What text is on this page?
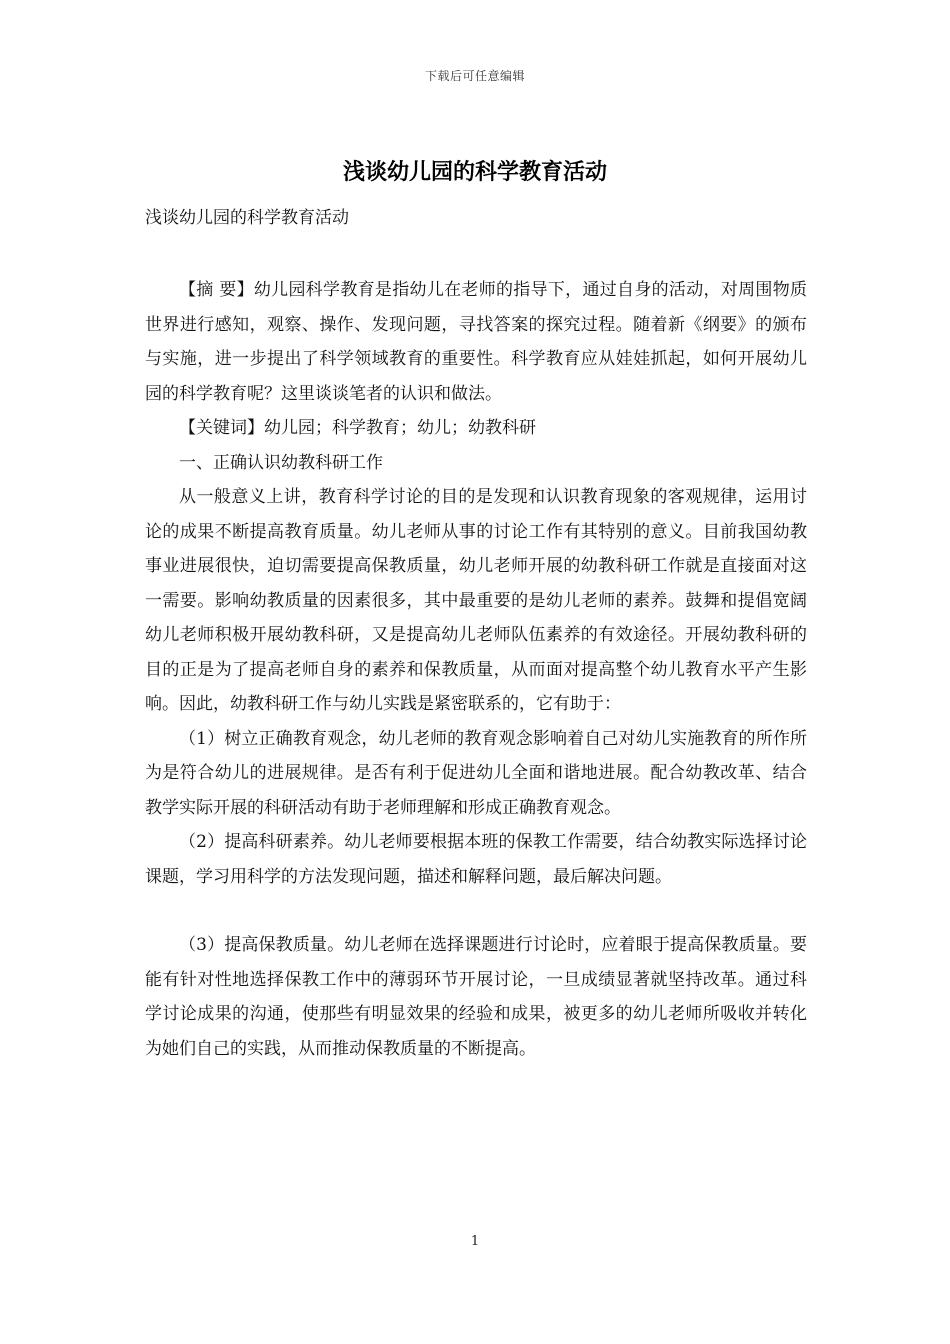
下载后可任意编辑
浅谈幼儿园的科学教育活动
浅谈幼儿园的科学教育活动

【摘 要】幼儿园科学教育是指幼儿在老师的指导下，通过自身的活动，对周围物质世界进行感知，观察、操作、发现问题，寻找答案的探究过程。随着新《纲要》的颁布与实施，进一步提出了科学领域教育的重要性。科学教育应从娃娃抓起，如何开展幼儿园的科学教育呢？这里谈谈笔者的认识和做法。

【关键词】幼儿园；科学教育；幼儿；幼教科研

一、正确认识幼教科研工作

从一般意义上讲，教育科学讨论的目的是发现和认识教育现象的客观规律，运用讨论的成果不断提高教育质量。幼儿老师从事的讨论工作有其特别的意义。目前我国幼教事业进展很快，迫切需要提高保教质量，幼儿老师开展的幼教科研工作就是直接面对这一需要。影响幼教质量的因素很多，其中最重要的是幼儿老师的素养。鼓舞和提倡宽阔幼儿老师积极开展幼教科研，又是提高幼儿老师队伍素养的有效途径。开展幼教科研的目的正是为了提高老师自身的素养和保教质量，从而面对提高整个幼儿教育水平产生影响。因此，幼教科研工作与幼儿实践是紧密联系的，它有助于：

（1）树立正确教育观念，幼儿老师的教育观念影响着自己对幼儿实施教育的所作所为是符合幼儿的进展规律。是否有利于促进幼儿全面和谐地进展。配合幼教改革、结合教学实际开展的科研活动有助于老师理解和形成正确教育观念。

（2）提高科研素养。幼儿老师要根据本班的保教工作需要，结合幼教实际选择讨论课题，学习用科学的方法发现问题，描述和解释问题，最后解决问题。

（3）提高保教质量。幼儿老师在选择课题进行讨论时，应着眼于提高保教质量。要能有针对性地选择保教工作中的薄弱环节开展讨论，一旦成绩显著就坚持改革。通过科学讨论成果的沟通，使那些有明显效果的经验和成果，被更多的幼儿老师所吸收并转化为她们自己的实践，从而推动保教质量的不断提高。

1
